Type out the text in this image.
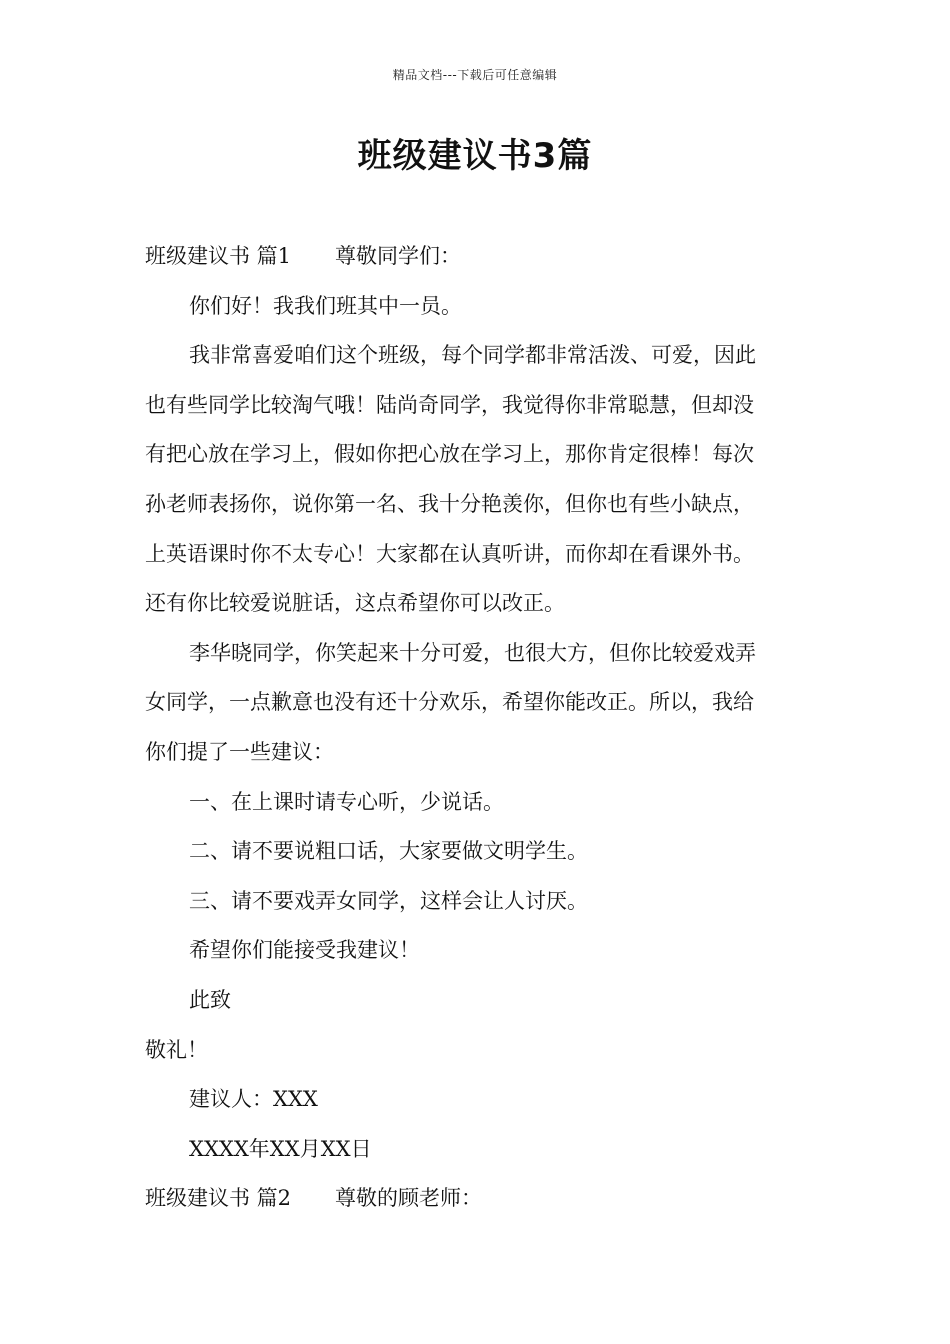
精品文档---下载后可任意编辑
班级建议书3篇

班级建议书 篇1 尊敬同学们：

你们好！我我们班其中一员。

我非常喜爱咱们这个班级，每个同学都非常活泼、可爱，因此

也有些同学比较淘气哦！陆尚奇同学，我觉得你非常聪慧，但却没

有把心放在学习上，假如你把心放在学习上，那你肯定很棒！每次

孙老师表扬你，说你第一名、我十分艳羡你，但你也有些小缺点，

上英语课时你不太专心！大家都在认真听讲，而你却在看课外书。

还有你比较爱说脏话，这点希望你可以改正。

李华晓同学，你笑起来十分可爱，也很大方，但你比较爱戏弄

女同学，一点歉意也没有还十分欢乐，希望你能改正。所以，我给

你们提了一些建议：

一、在上课时请专心听，少说话。

二、请不要说粗口话，大家要做文明学生。

三、请不要戏弄女同学，这样会让人讨厌。

希望你们能接受我建议！

此致

敬礼！

建议人：XXX

XXXX年XX月XX日

班级建议书 篇2 尊敬的顾老师：
